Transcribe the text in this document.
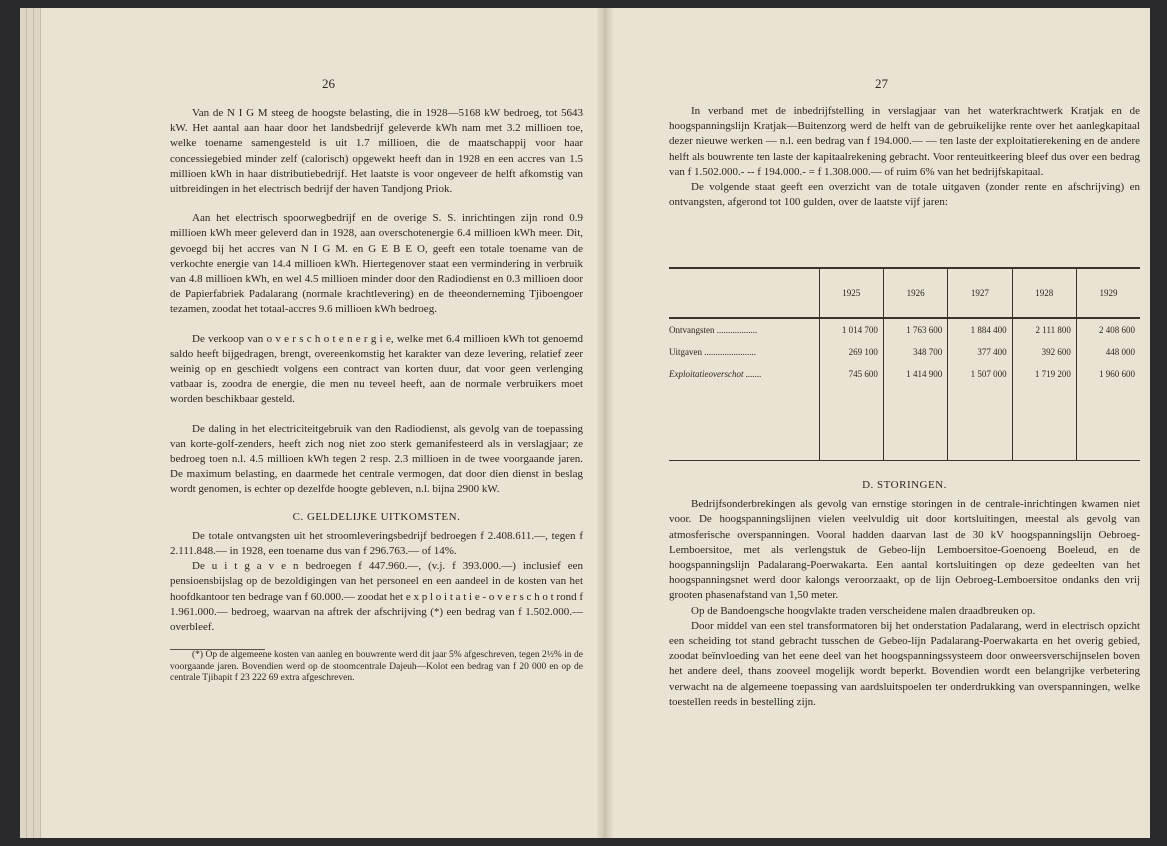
26

Van de N I G M steeg de hoogste belasting, die in 1928—5168 kW bedroeg, tot 5643 kW. Het aantal aan haar door het landsbedrijf geleverde kWh nam met 3.2 millioen toe, welke toename samengesteld is uit 1.7 millioen, die de maatschappij voor haar concessiegebied minder zelf (calorisch) opgewekt heeft dan in 1928 en een accres van 1.5 millioen kWh in haar distributiebedrijf. Het laatste is voor ongeveer de helft afkomstig van uitbreidingen in het electrisch bedrijf der haven Tandjong Priok.

Aan het electrisch spoorwegbedrijf en de overige S. S. inrichtingen zijn rond 0.9 millioen kWh meer geleverd dan in 1928, aan overschotenergie 6.4 millioen kWh meer. Dit, gevoegd bij het accres van N I G M. en G E B E O, geeft een totale toename van de verkochte energie van 14.4 millioen kWh. Hiertegenover staat een vermindering in verbruik van 4.8 millioen kWh, en wel 4.5 millioen minder door den Radiodienst en 0.3 millioen door de Papierfabriek Padalarang (normale krachtlevering) en de theeonderneming Tjiboengoer tezamen, zoodat het totaal-accres 9.6 millioen kWh bedroeg.

De verkoop van o v e r s c h o t e n e r g i e, welke met 6.4 millioen kWh tot genoemd saldo heeft bijgedragen, brengt, overeenkomstig het karakter van deze levering, relatief zeer weinig op en geschiedt volgens een contract van korten duur, dat voor geen verlenging vatbaar is, zoodra de energie, die men nu teveel heeft, aan de normale verbruikers moet worden beschikbaar gesteld.

De daling in het electriciteitgebruik van den Radiodienst, als gevolg van de toepassing van korte-golf-zenders, heeft zich nog niet zoo sterk gemanifesteerd als in verslagjaar; ze bedroeg toen n.l. 4.5 millioen kWh tegen 2 resp. 2.3 millioen in de twee voorgaande jaren. De maximum belasting, en daarmede het centrale vermogen, dat door dien dienst in beslag wordt genomen, is echter op dezelfde hoogte gebleven, n.l. bijna 2900 kW.

C. GELDELIJKE UITKOMSTEN.

De totale ontvangsten uit het stroomleveringsbedrijf bedroegen f 2.408.611.—, tegen f 2.111.848.— in 1928, een toename dus van f 296.763.— of 14%.

De u i t g a v e n bedroegen f 447.960.—, (v.j. f 393.000.—) inclusief een pensioensbijslag op de bezoldigingen van het personeel en een aandeel in de kosten van het hoofdkantoor ten bedrage van f 60.000.— zoodat het e x p l o i t a t i e - o v e r s c h o t rond f 1.961.000.— bedroeg, waarvan na aftrek der afschrijving (*) een bedrag van f 1.502.000.— overbleef.

(*) Op de algemeene kosten van aanleg en bouwrente werd dit jaar 5% afgeschreven, tegen 2½% in de voorgaande jaren. Bovendien werd op de stoomcentrale Dajeuh—Kolot een bedrag van f 20 000 en op de centrale Tjibapit f 23 222 69 extra afgeschreven.

27

In verband met de inbedrijfstelling in verslagjaar van het waterkrachtwerk Kratjak en de hoogspanningslijn Kratjak—Buitenzorg werd de helft van de gebruikelijke rente over het aanlegkapitaal dezer nieuwe werken — n.l. een bedrag van f 194.000.— — ten laste der exploitatierekening en de andere helft als bouwrente ten laste der kapitaalrekening gebracht. Voor renteuitkeering bleef dus over een bedrag van f 1.502.000.- -- f 194.000.- = f 1.308.000.— of ruim 6% van het bedrijfskapitaal.

De volgende staat geeft een overzicht van de totale uitgaven (zonder rente en afschrijving) en ontvangsten, afgerond tot 100 gulden, over de laatste vijf jaren:

	1925	1926	1927	1928	1929
Ontvangsten ..................	1 014 700	1 763 600	1 884 400	2 111 800	2 408 600
Uitgaven .......................	269 100	348 700	377 400	392 600	448 000
Exploitatieoverschot .......	745 600	1 414 900	1 507 000	1 719 200	1 960 600

D. STORINGEN.

Bedrijfsonderbrekingen als gevolg van ernstige storingen in de centrale-inrichtingen kwamen niet voor. De hoogspanningslijnen vielen veelvuldig uit door kortsluitingen, meestal als gevolg van atmosferische overspanningen. Vooral hadden daarvan last de 30 kV hoogspanningslijn Oebroeg-Lemboersitoe, met als verlengstuk de Gebeo-lijn Lemboersitoe-Goenoeng Boeleud, en de hoogspanningslijn Padalarang-Poerwakarta. Een aantal kortsluitingen op deze gedeelten van het hoogspanningsnet werd door kalongs veroorzaakt, op de lijn Oebroeg-Lemboersitoe ondanks den vrij grooten phasenafstand van 1,50 meter.

Op de Bandoengsche hoogvlakte traden verscheidene malen draadbreuken op.

Door middel van een stel transformatoren bij het onderstation Padalarang, werd in electrisch opzicht een scheiding tot stand gebracht tusschen de Gebeo-lijn Padalarang-Poerwakarta en het overig gebied, zoodat beïnvloeding van het eene deel van het hoogspanningssysteem door onweersverschijnselen boven het andere deel, thans zooveel mogelijk wordt beperkt. Bovendien wordt een belangrijke verbetering verwacht na de algemeene toepassing van aardsluitspoelen ter onderdrukking van overspanningen, welke toestellen reeds in bestelling zijn.
